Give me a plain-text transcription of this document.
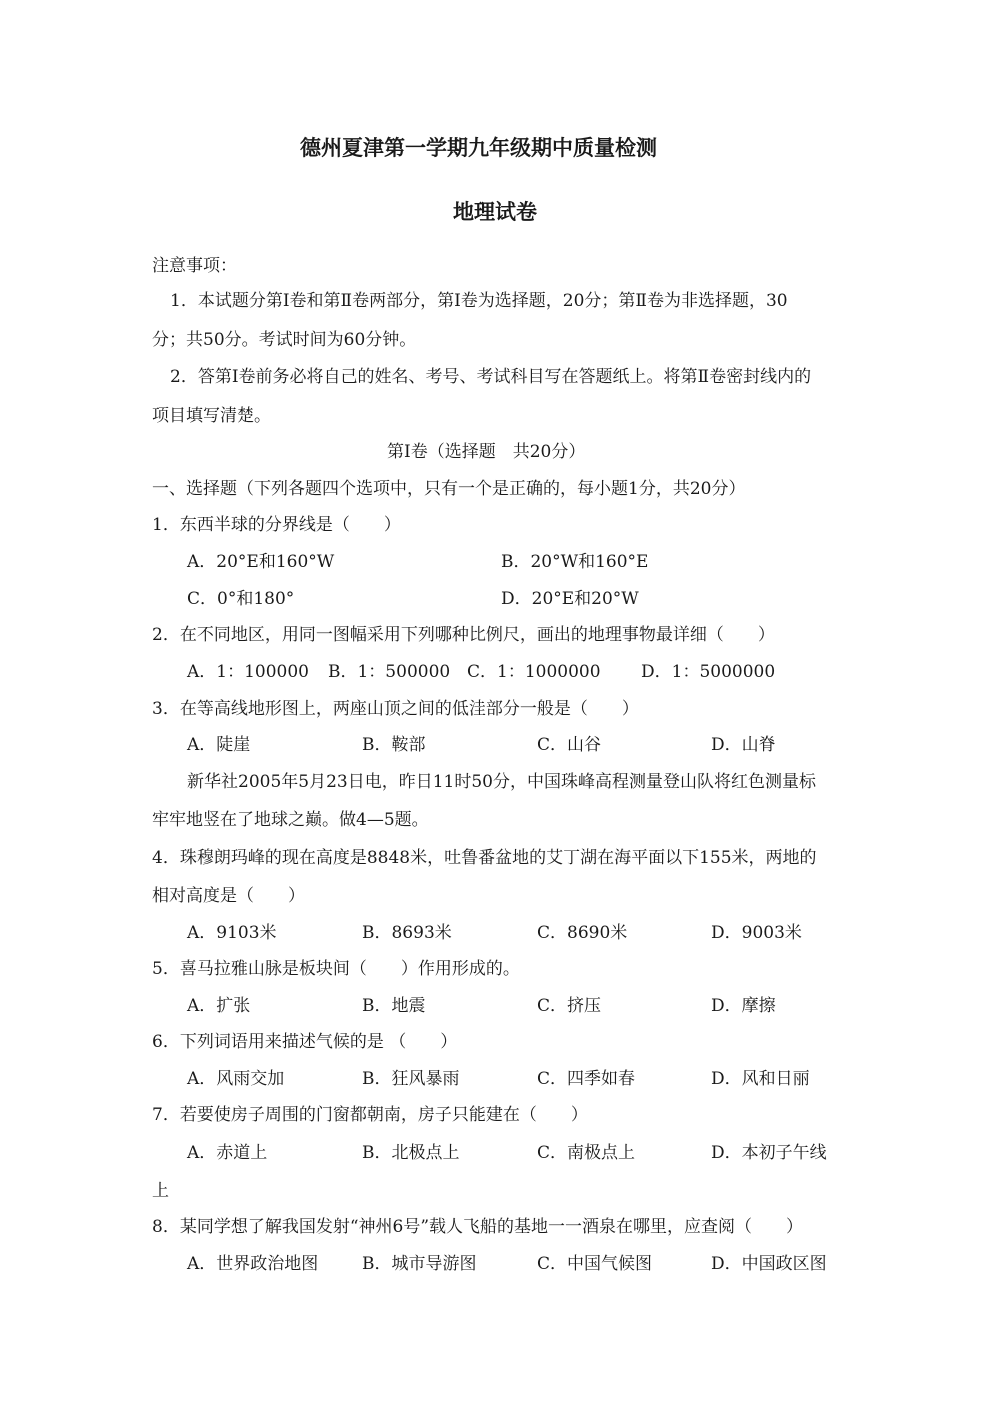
德州夏津第一学期九年级期中质量检测
地理试卷
注意事项：
1．本试题分第Ⅰ卷和第Ⅱ卷两部分，第Ⅰ卷为选择题，20分；第Ⅱ卷为非选择题，30
分；共50分。考试时间为60分钟。
2．答第Ⅰ卷前务必将自己的姓名、考号、考试科目写在答题纸上。将第Ⅱ卷密封线内的
项目填写清楚。
第Ⅰ卷（选择题　共20分）
一、选择题（下列各题四个选项中，只有一个是正确的，每小题1分，共20分）
1．东西半球的分界线是（　　）
A．20°E和160°W	B．20°W和160°E
C．0°和180°	D．20°E和20°W
2．在不同地区，用同一图幅采用下列哪种比例尺，画出的地理事物最详细（　　）
A．1：100000 B．1：500000 C．1：1000000 D．1：5000000
3．在等高线地形图上，两座山顶之间的低洼部分一般是（　　）
A．陡崖	B．鞍部	C．山谷	D．山脊
新华社2005年5月23日电，昨日11时50分，中国珠峰高程测量登山队将红色测量标
牢牢地竖在了地球之巅。做4—5题。
4．珠穆朗玛峰的现在高度是8848米，吐鲁番盆地的艾丁湖在海平面以下155米，两地的
相对高度是（　　）
A．9103米	B．8693米	C．8690米	D．9003米
5．喜马拉雅山脉是板块间（　　）作用形成的。
A．扩张	B．地震	C．挤压	D．摩擦
6．下列词语用来描述气候的是 （　　）
A．风雨交加	B．狂风暴雨	C．四季如春	D．风和日丽
7．若要使房子周围的门窗都朝南，房子只能建在（　　）
A．赤道上	B．北极点上	C．南极点上	D．本初子午线
上
8．某同学想了解我国发射“神州6号”载人飞船的基地一一酒泉在哪里，应查阅（　　）
A．世界政治地图	B．城市导游图	C．中国气候图	D．中国政区图
